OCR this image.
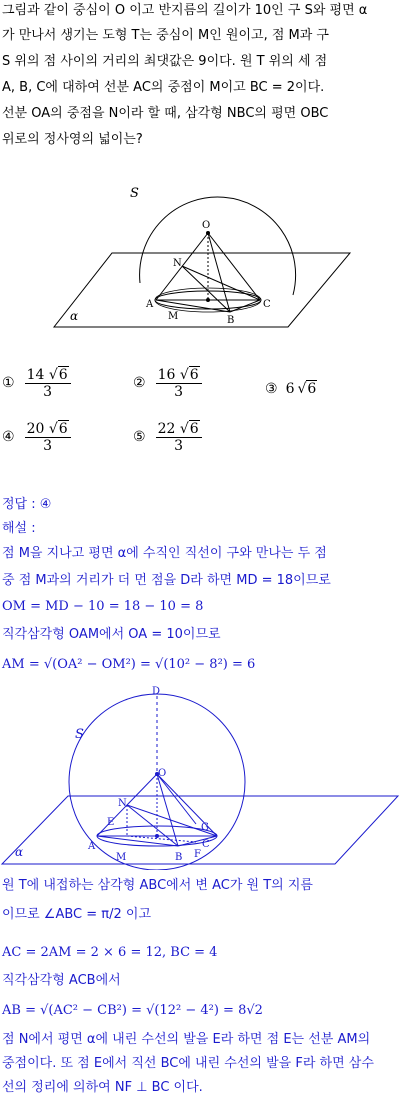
그림과 같이 중심이 O 이고 반지름의 길이가 10인 구 S와 평면 α
가 만나서 생기는 도형 T는 중심이 M인 원이고, 점 M과 구
S 위의 점 사이의 거리의 최댓값은 9이다. 원 T 위의 세 점
A, B, C에 대하여 선분 AC의 중점이 M이고 BC = 2이다.
선분 OA의 중점을 N이라 할 때, 삼각형 NBC의 평면 OBC
위로의 정사영의 넓이는?
S
O
N
A
M	B
C
α
① $\frac{14 √ 6}{3}$	② $\frac{16 √ 6}{3}$	③ 6 √ 6
④ $\frac{20 √ 6}{3}$	⑤ $\frac{22 √ 6}{3}$
정답 : ④
해설 :
점 M을 지나고 평면 α에 수직인 직선이 구와 만나는 두 점
중 점 M과의 거리가 더 먼 점을 D라 하면 MD = 18이므로
OM = MD − 10 = 18 − 10 = 8
직각삼각형 OAM에서 OA = 10이므로
AM = √(OA² − OM²) = √(10² − 8²) = 6
D
S
O
N
E	G
A
M	B
C
F
α
원 T에 내접하는 삼각형 ABC에서 변 AC가 원 T의 지름
이므로 ∠ABC = π/2 이고
AC = 2AM = 2 × 6 = 12, BC = 4
직각삼각형 ACB에서
AB = √(AC² − CB²) = √(12² − 4²) = 8√2
점 N에서 평면 α에 내린 수선의 발을 E라 하면 점 E는 선분 AM의
중점이다. 또 점 E에서 직선 BC에 내린 수선의 발을 F라 하면 삼수
선의 정리에 의하여 NF ⊥ BC 이다.
